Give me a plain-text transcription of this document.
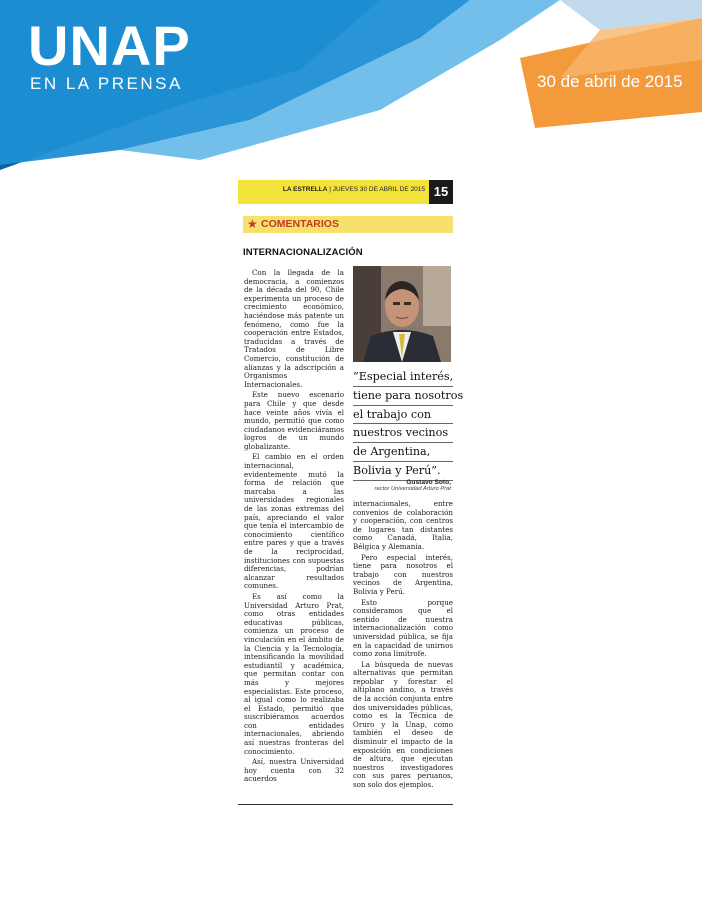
UNAP
EN LA PRENSA	30 de abril de 2015
LA ESTRELLA | JUEVES 30 DE ABRIL DE 2015 15
★ COMENTARIOS
INTERNACIONALIZACIÓN

Con la llegada de la democracia, a comienzos de la década del 90, Chile experimenta un proceso de crecimiento económico, haciéndose más patente un fenómeno, como fue la cooperación entre Estados, traducidas a través de Tratados de Libre Comercio, constitución de alianzas y la adscripción a Organismos Internacionales.

Este nuevo escenario para Chile y que desde hace veinte años vivía el mundo, permitió que como ciudadanos evidenciáramos logros de un mundo globalizante.

El cambio en el orden internacional, evidentemente mutó la forma de relación que marcaba a las universidades regionales de las zonas extremas del país, apreciando el valor que tenía el intercambio de conocimiento científico entre pares y que a través de la reciprocidad, instituciones con supuestas diferencias, podrían alcanzar resultados comunes.

Es así como la Universidad Arturo Prat, como otras entidades educativas públicas, comienza un proceso de vinculación en el ámbito de la Ciencia y la Tecnología, intensificando la movilidad estudiantil y académica, que permitan contar con más y mejores especialistas. Este proceso, al igual como lo realizaba el Estado, permitió que suscribiéramos acuerdos con entidades internacionales, abriendo así nuestras fronteras del conocimiento.

Así, nuestra Universidad hoy cuenta con 32 acuerdos

“Especial interés,
tiene para nosotros
el trabajo con
nuestros vecinos
de Argentina,
Bolivia y Perú”.
Gustavo Soto,
rector Universidad Arturo Prat

internacionales, entre convenios de colaboración y cooperación, con centros de lugares tan distantes como Canadá, Italia, Bélgica y Alemania.

Pero especial interés, tiene para nosotros el trabajo con nuestros vecinos de Argentina, Bolivia y Perú.

Esto porque consideramos que el sentido de nuestra internacionalización como universidad pública, se fija en la capacidad de unirnos como zona limítrofe.

La búsqueda de nuevas alternativas que permitan repoblar y forestar el altiplano andino, a través de la acción conjunta entre dos universidades públicas, como es la Técnica de Oruro y la Unap, como también el deseo de disminuir el impacto de la exposición en condiciones de altura, que ejecutan nuestros investigadores con sus pares peruanos, son solo dos ejemplos.
